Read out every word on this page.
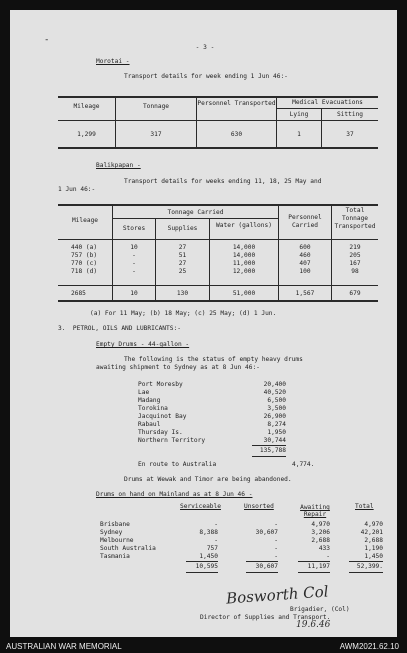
-
- 3 -
Morotai -
Transport details for week ending 1 Jun 46:-
Mileage	Tonnage	Personnel Transported	Medical Evacuations
Lying	Sitting
1,299	317	630	1	37
Balikpapan -
Transport details for weeks ending 11, 18, 25 May and
1 Jun 46:-
Mileage
Tonnage Carried
Stores	Supplies	Water (gallons)
Personnel Carried
Total Tonnage Transported
440 (a)	10	27	14,000	600	219
757 (b)	-	51	14,000	460	205
770 (c)	-	27	11,000	407	167
718 (d)	-	25	12,000	100	98
2685	10	130	51,000	1,567	679
(a) For 11 May; (b) 18 May; (c) 25 May; (d) 1 Jun.
3.  PETROL, OILS AND LUBRICANTS:-
Empty Drums - 44-gallon -
The following is the status of empty heavy drums
awaiting shipment to Sydney as at 8 Jun 46:-
Port Moresby	20,400
Lae	40,520
Madang	6,500
Torokina	3,500
Jacquinot Bay	26,900
Rabaul	8,274
Thursday Is.	1,950
Northern Territory	30,744
135,788
En route to Australia	4,774.
Drums at Wewak and Timor are being abandoned.
Drums on hand on Mainland as at 8 Jun 46 -
Serviceable	Unsorted	Awaiting Repair
Total
Brisbane	-	-	4,970	4,970
Sydney	8,388	30,607	3,206	42,201
Melbourne	-	-	2,688	2,688
South Australia	757	-	433	1,190
Tasmania	1,450	-	-	1,450
10,595	30,607	11,197	52,399.
Bosworth Col
Brigadier, (Col)
Director of Supplies and Transport.
19.6.46
AUSTRALIAN WAR MEMORIAL	AWM2021.62.10
